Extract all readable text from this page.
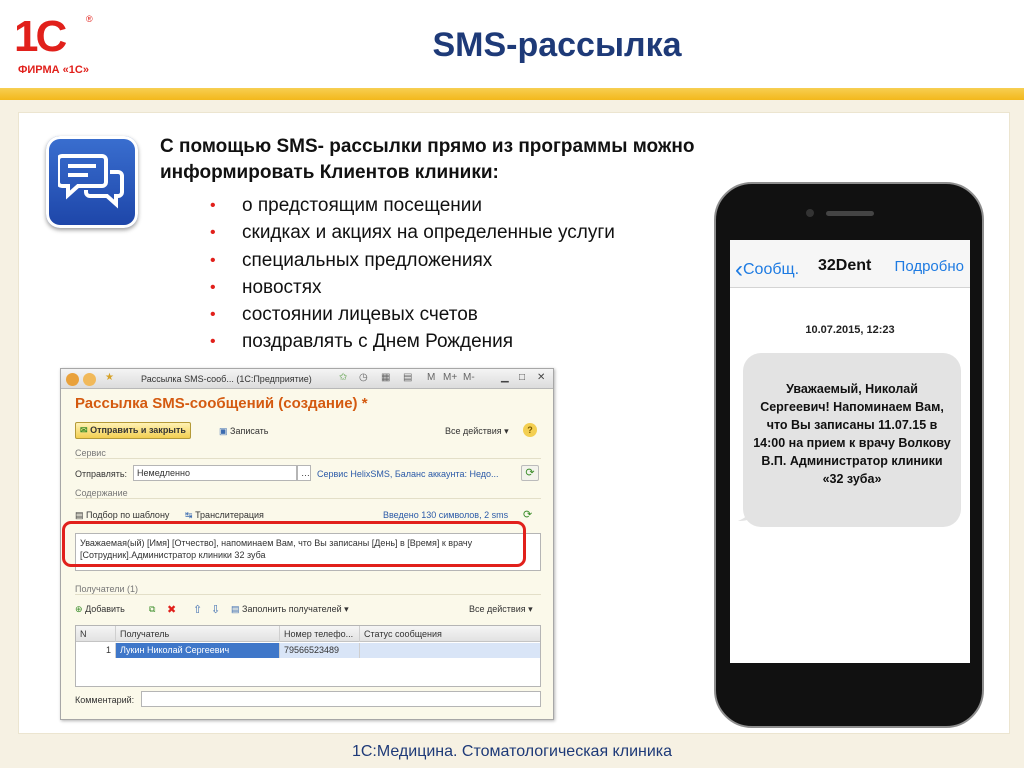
1С ®
ФИРМА «1С»
SMS-рассылка
С помощью SMS- рассылки прямо из программы можно информировать Клиентов клиники:
• о предстоящим посещении
• скидках и акциях на определенные услуги
• специальных предложениях
• новостях
• состоянии лицевых счетов
• поздравлять с Днем Рождения
★	Рассылка SMS-сооб... (1С:Предприятие)	✩ ◷ ▦ ▤ M M+ M-	▁ □ ✕
Рассылка SMS-сообщений (создание) *
✉ Отправить и закрыть	▣ Записать	Все действия ▾	?
Сервис
Отправлять:	Немедленно	… Сервис HelixSMS, Баланс аккаунта: Недо...	⟳
Содержание
▤ Подбор по шаблону ↹ Транслитерация	Введено 130 символов, 2 sms ⟳
Уважаемая(ый) [Имя] [Отчество], напоминаем Вам, что Вы записаны [День] в [Время] к врачу [Сотрудник].Администратор клиники 32 зуба
Получатели (1)
⊕ Добавить	⧉ ✖ ⇧ ⇩ ▤ Заполнить получателей ▾	Все действия ▾
N	Получатель	Номер телефо...	Статус сообщения
1	Лукин Николай Сергеевич	79566523489
Комментарий:
‹Сообщ. 32Dent Подробно
10.07.2015, 12:23
Уважаемый, Николай Сергеевич! Напоминаем Вам, что Вы записаны 11.07.15 в 14:00 на прием к врачу Волкову В.П. Администратор клиники «32 зуба»
1С:Медицина. Стоматологическая клиника
